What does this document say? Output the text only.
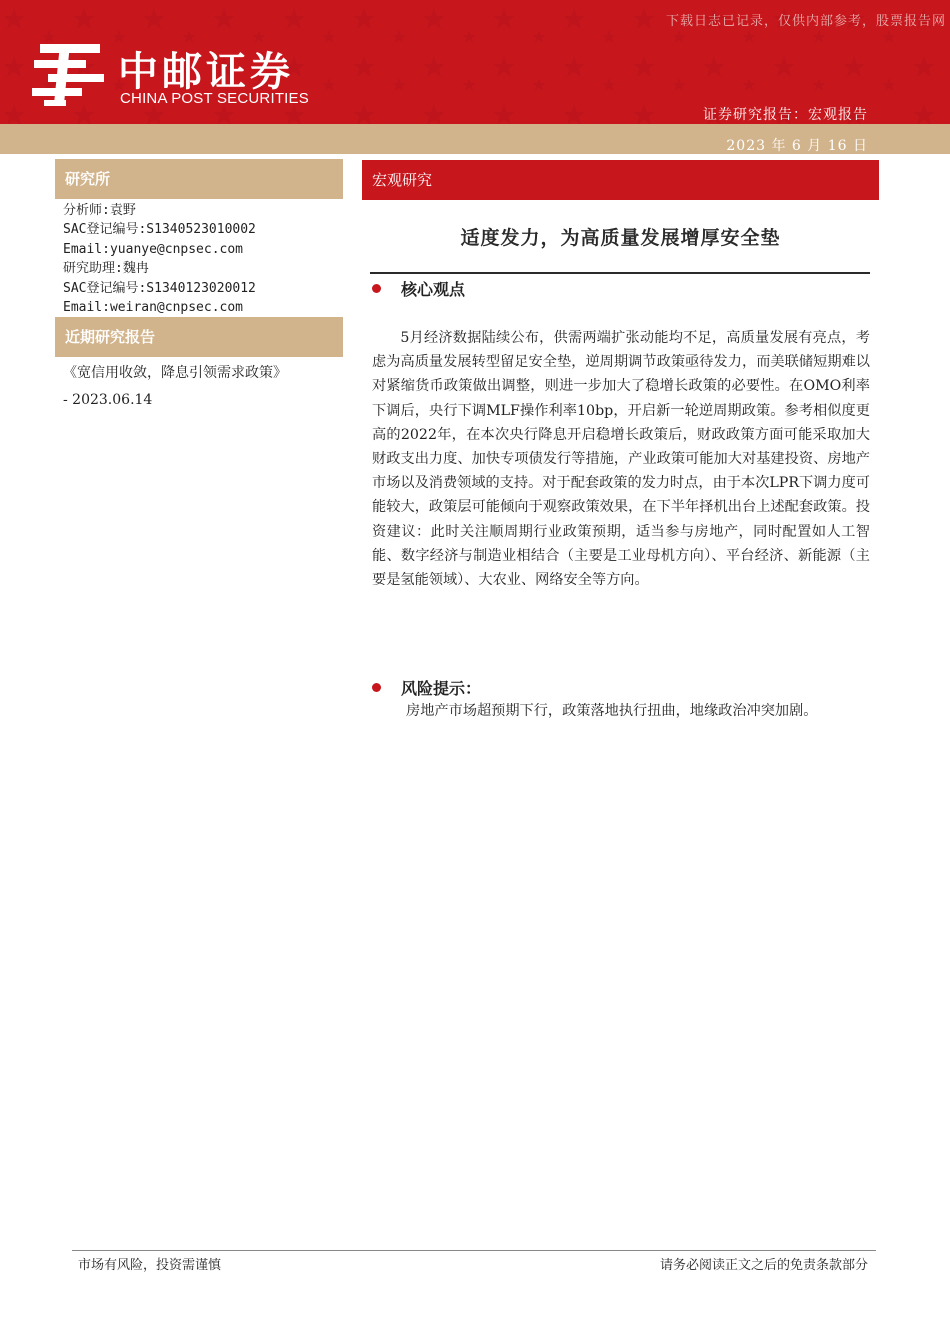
中邮证券
CHINA POST SECURITIES
下载日志已记录，仅供内部参考，股票报告网
证券研究报告：宏观报告
2023 年 6 月 16 日
研究所
分析师:袁野
SAC登记编号:S1340523010002
Email:yuanye@cnpsec.com
研究助理:魏冉
SAC登记编号:S1340123020012
Email:weiran@cnpsec.com
近期研究报告
《宽信用收敛，降息引领需求政策》
- 2023.06.14
宏观研究
适度发力，为高质量发展增厚安全垫
核心观点

5月经济数据陆续公布，供需两端扩张动能均不足，高质量发展有亮点，考虑为高质量发展转型留足安全垫，逆周期调节政策亟待发力，而美联储短期难以对紧缩货币政策做出调整，则进一步加大了稳增长政策的必要性。在OMO利率下调后，央行下调MLF操作利率10bp，开启新一轮逆周期政策。参考相似度更高的2022年，在本次央行降息开启稳增长政策后，财政政策方面可能采取加大财政支出力度、加快专项债发行等措施，产业政策可能加大对基建投资、房地产市场以及消费领域的支持。对于配套政策的发力时点，由于本次LPR下调力度可能较大，政策层可能倾向于观察政策效果，在下半年择机出台上述配套政策。投资建议：此时关注顺周期行业政策预期，适当参与房地产，同时配置如人工智能、数字经济与制造业相结合（主要是工业母机方向）、平台经济、新能源（主要是氢能领域）、大农业、网络安全等方向。

风险提示：
房地产市场超预期下行，政策落地执行扭曲，地缘政治冲突加剧。
市场有风险，投资需谨慎	请务必阅读正文之后的免责条款部分
